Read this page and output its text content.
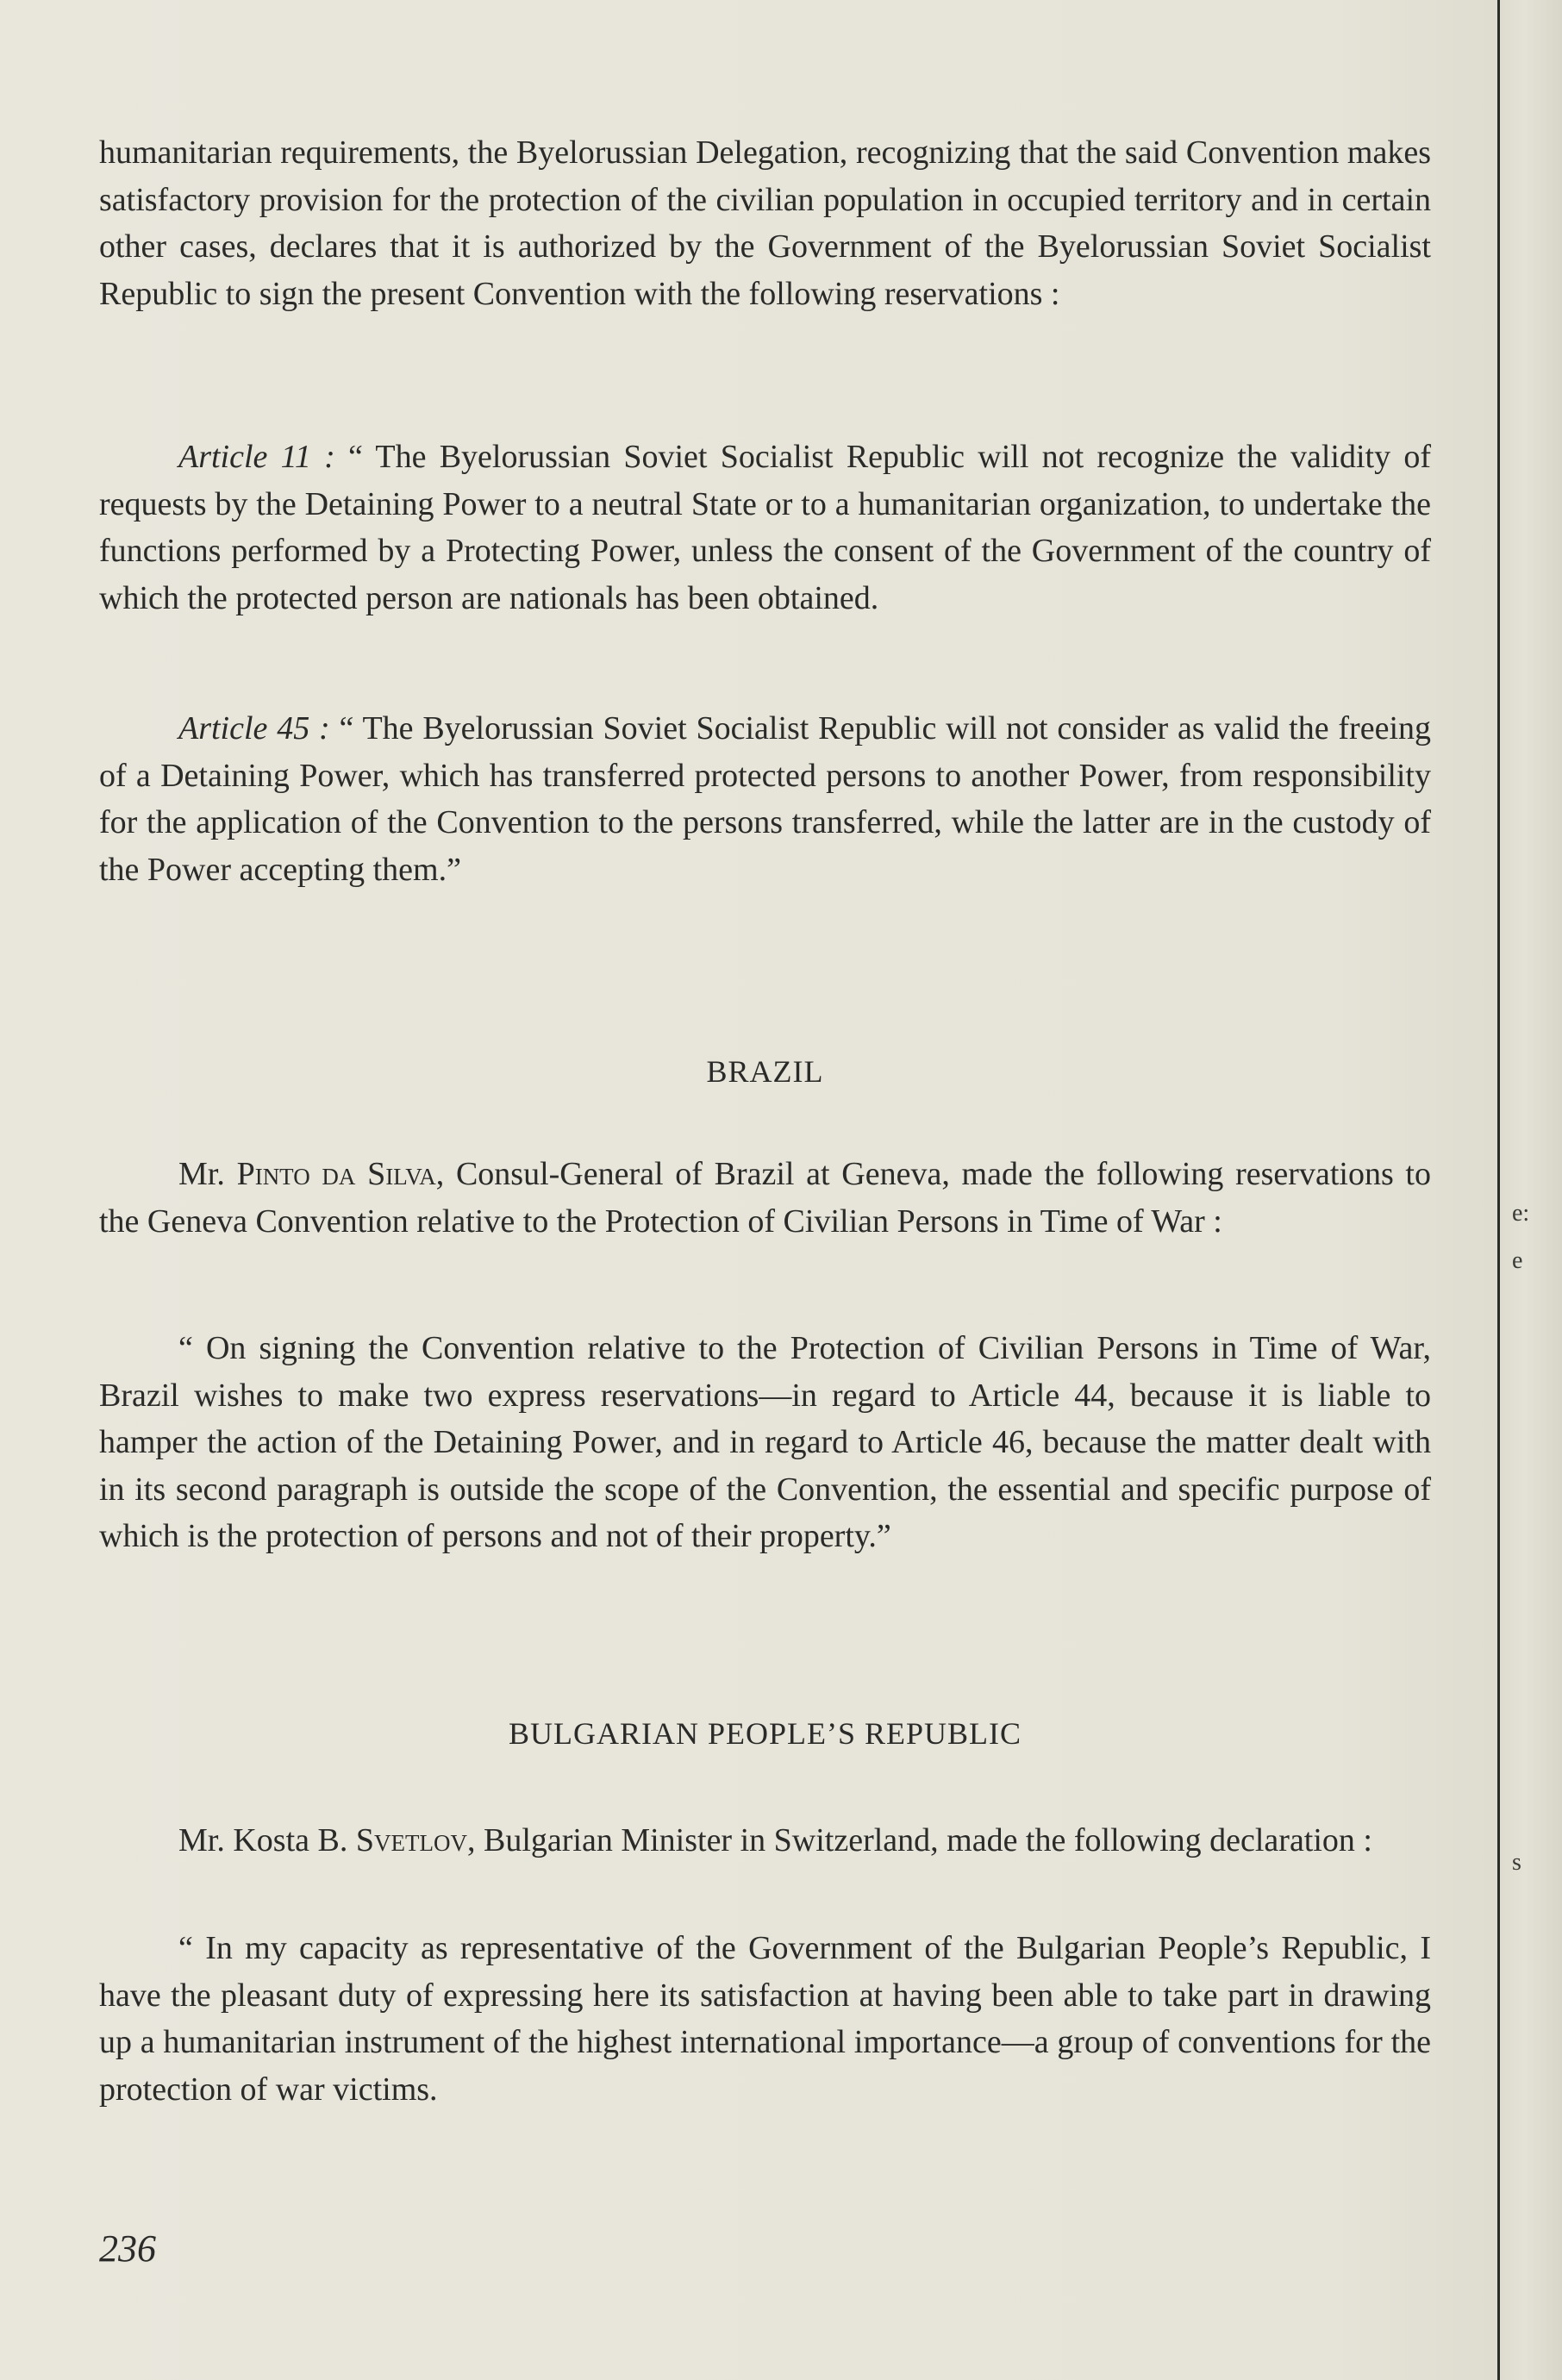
humanitarian requirements, the Byelorussian Delegation, recognizing that the said Convention makes satisfactory provision for the protection of the civilian population in occupied territory and in certain other cases, declares that it is authorized by the Government of the Byelorussian Soviet Socialist Republic to sign the present Convention with the following reservations :

Article 11 : “ The Byelorussian Soviet Socialist Republic will not recognize the validity of requests by the Detaining Power to a neutral State or to a humanitarian organization, to undertake the functions performed by a Protecting Power, unless the consent of the Government of the country of which the protected person are nationals has been obtained.

Article 45 : “ The Byelorussian Soviet Socialist Republic will not consider as valid the freeing of a Detaining Power, which has transferred protected persons to another Power, from responsibility for the application of the Convention to the persons transferred, while the latter are in the custody of the Power accepting them.”

BRAZIL

Mr. Pinto da Silva, Consul-General of Brazil at Geneva, made the following reservations to the Geneva Convention relative to the Protection of Civilian Persons in Time of War :

“ On signing the Convention relative to the Protection of Civilian Persons in Time of War, Brazil wishes to make two express reservations—in regard to Article 44, because it is liable to hamper the action of the Detaining Power, and in regard to Article 46, because the matter dealt with in its second paragraph is outside the scope of the Convention, the essential and specific purpose of which is the protection of persons and not of their property.”

BULGARIAN PEOPLE’S REPUBLIC

Mr. Kosta B. Svetlov, Bulgarian Minister in Switzerland, made the following declaration :

“ In my capacity as representative of the Government of the Bulgarian People’s Republic, I have the pleasant duty of expressing here its satisfaction at having been able to take part in drawing up a humanitarian instrument of the highest international importance—a group of conventions for the protection of war victims.

236
e:
e
s
